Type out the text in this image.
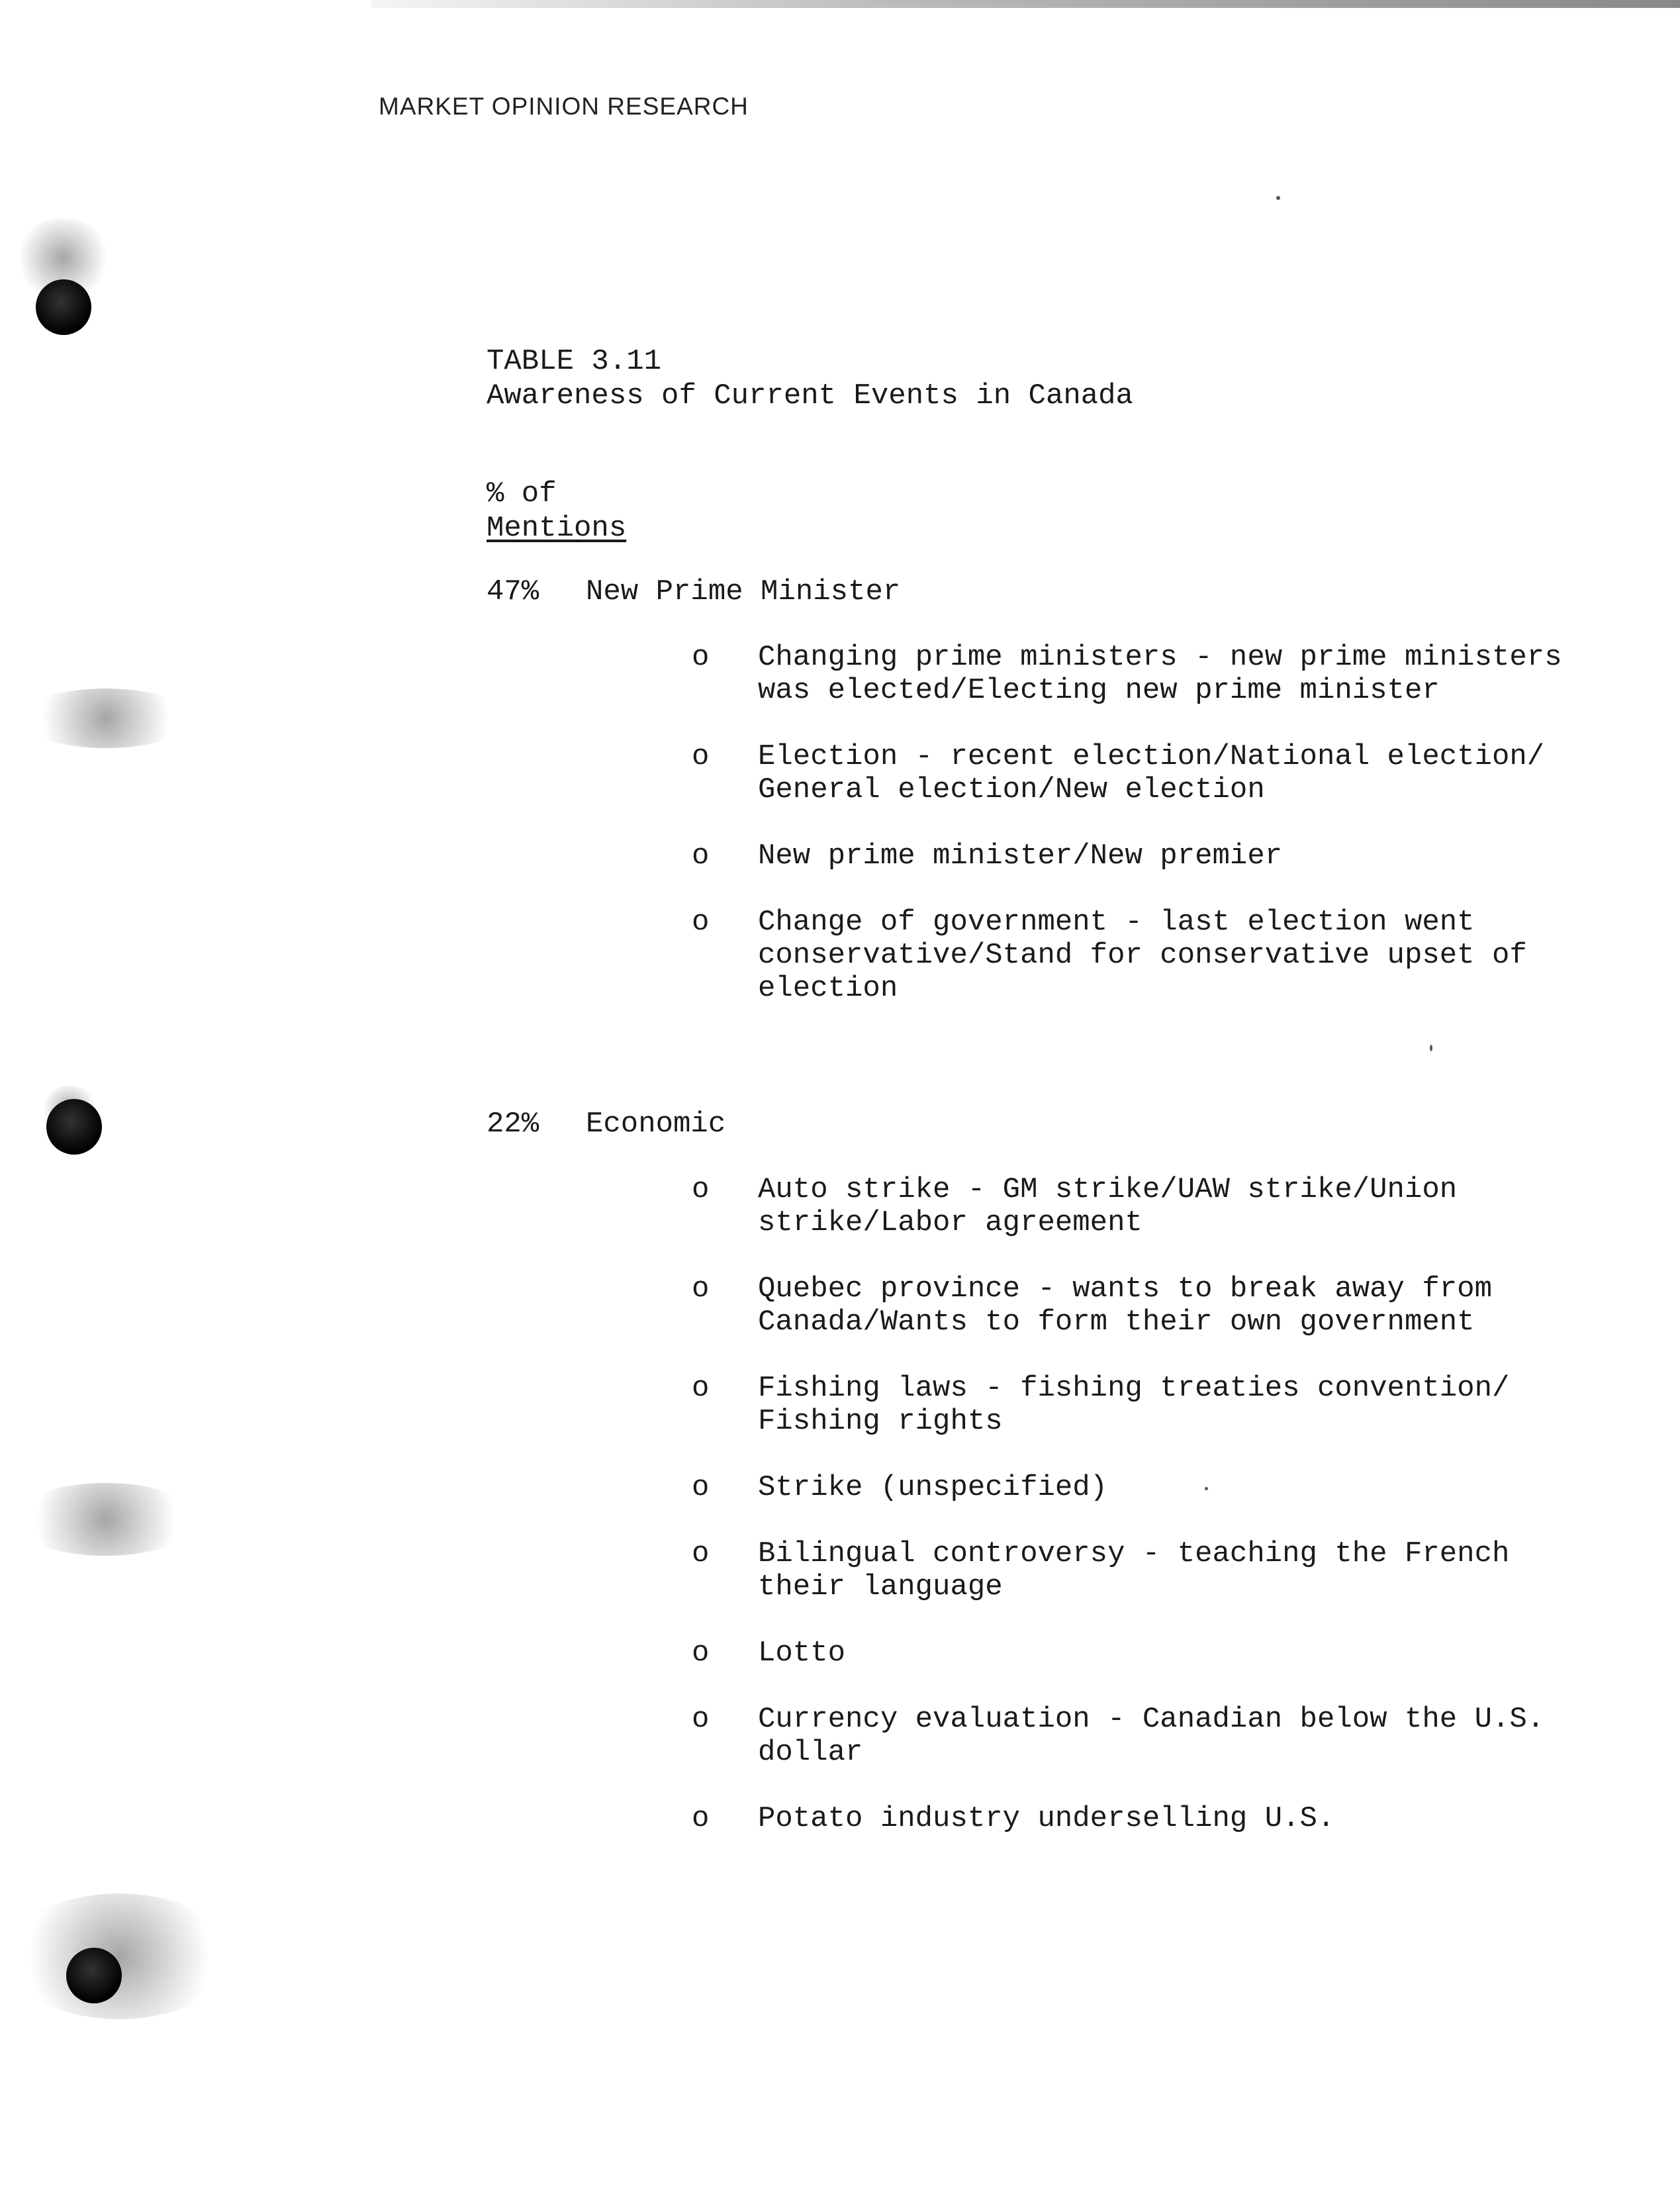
MARKET OPINION RESEARCH
TABLE 3.11
Awareness of Current Events in Canada
% of
Mentions
47% New Prime Minister
o	Changing prime ministers - new prime ministers
was elected/Electing new prime minister
o	Election - recent election/National election/
General election/New election
o	New prime minister/New premier
o	Change of government - last election went
conservative/Stand for conservative upset of
election
22% Economic
o	Auto strike - GM strike/UAW strike/Union
strike/Labor agreement
o	Quebec province - wants to break away from
Canada/Wants to form their own government
o	Fishing laws - fishing treaties convention/
Fishing rights
o	Strike (unspecified)
o	Bilingual controversy - teaching the French
their language
o	Lotto
o	Currency evaluation - Canadian below the U.S.
dollar
o	Potato industry underselling U.S.
